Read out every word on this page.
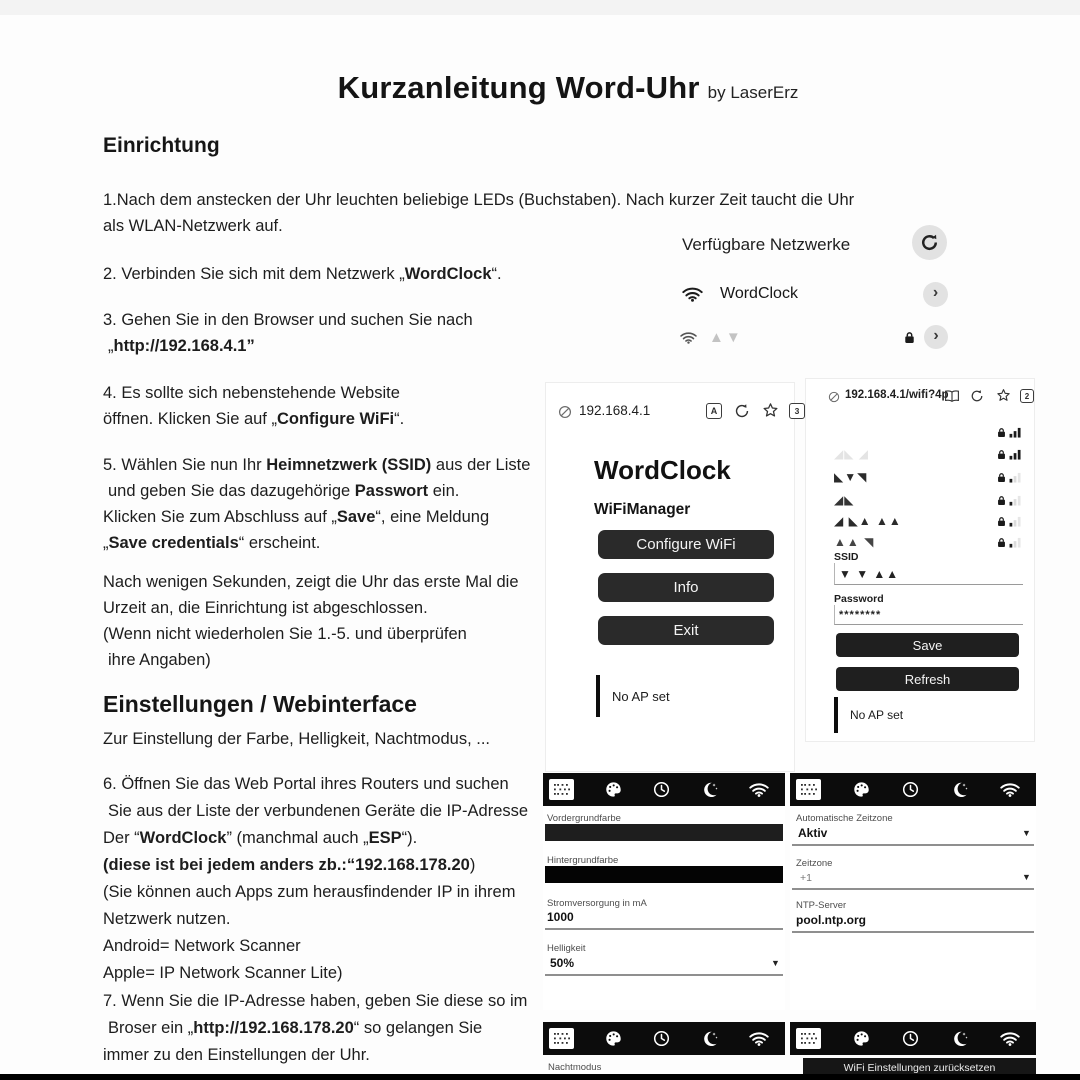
Kurzanleitung Word-Uhr by LaserErz
Einrichtung
1.Nach dem anstecken der Uhr leuchten beliebige LEDs (Buchstaben). Nach kurzer Zeit taucht die Uhr
als WLAN-Netzwerk auf.
2. Verbinden Sie sich mit dem Netzwerk „WordClock“.
3. Gehen Sie in den Browser und suchen Sie nach
„http://192.168.4.1”
4. Es sollte sich nebenstehende Website
öffnen. Klicken Sie auf „Configure WiFi“.
5. Wählen Sie nun Ihr Heimnetzwerk (SSID) aus der Liste
und geben Sie das dazugehörige Passwort ein.
Klicken Sie zum Abschluss auf „Save“, eine Meldung
„Save credentials“ erscheint.
Nach wenigen Sekunden, zeigt die Uhr das erste Mal die
Urzeit an, die Einrichtung ist abgeschlossen.
(Wenn nicht wiederholen Sie 1.-5. und überprüfen
ihre Angaben)
Einstellungen / Webinterface
Zur Einstellung der Farbe, Helligkeit, Nachtmodus, ...
6. Öffnen Sie das Web Portal ihres Routers und suchen
Sie aus der Liste der verbundenen Geräte die IP-Adresse
Der “WordClock” (manchmal auch „ESP“).
(diese ist bei jedem anders zb.:“192.168.178.20)
(Sie können auch Apps zum herausfindender IP in ihrem
Netzwerk nutzen.
Android= Network Scanner
Apple= IP Network Scanner Lite)
7. Wenn Sie die IP-Adresse haben, geben Sie diese so im
Broser ein „http://192.168.178.20“ so gelangen Sie
immer zu den Einstellungen der Uhr.
Verfügbare Netzwerke
WordClock	›
▲▼	›
192.168.4.1	A	3
WordClock
WiFiManager
Configure WiFi
Info
Exit
No AP set
192.168.4.1/wifi?4p	2
◢◣ ◢
◣▼◥
◢◣
◢ ◣▲ ▲▲
▲▲ ◥
SSID
▼ ▼ ▲▲
Password
********
Save
Refresh
No AP set
Vordergrundfarbe
Hintergrundfarbe
Stromversorgung in mA
1000
Helligkeit
50%	▼
Automatische Zeitzone
Aktiv	▼
Zeitzone
+1	▼
NTP-Server
pool.ntp.org
Nachtmodus	WiFi Einstellungen zurücksetzen
